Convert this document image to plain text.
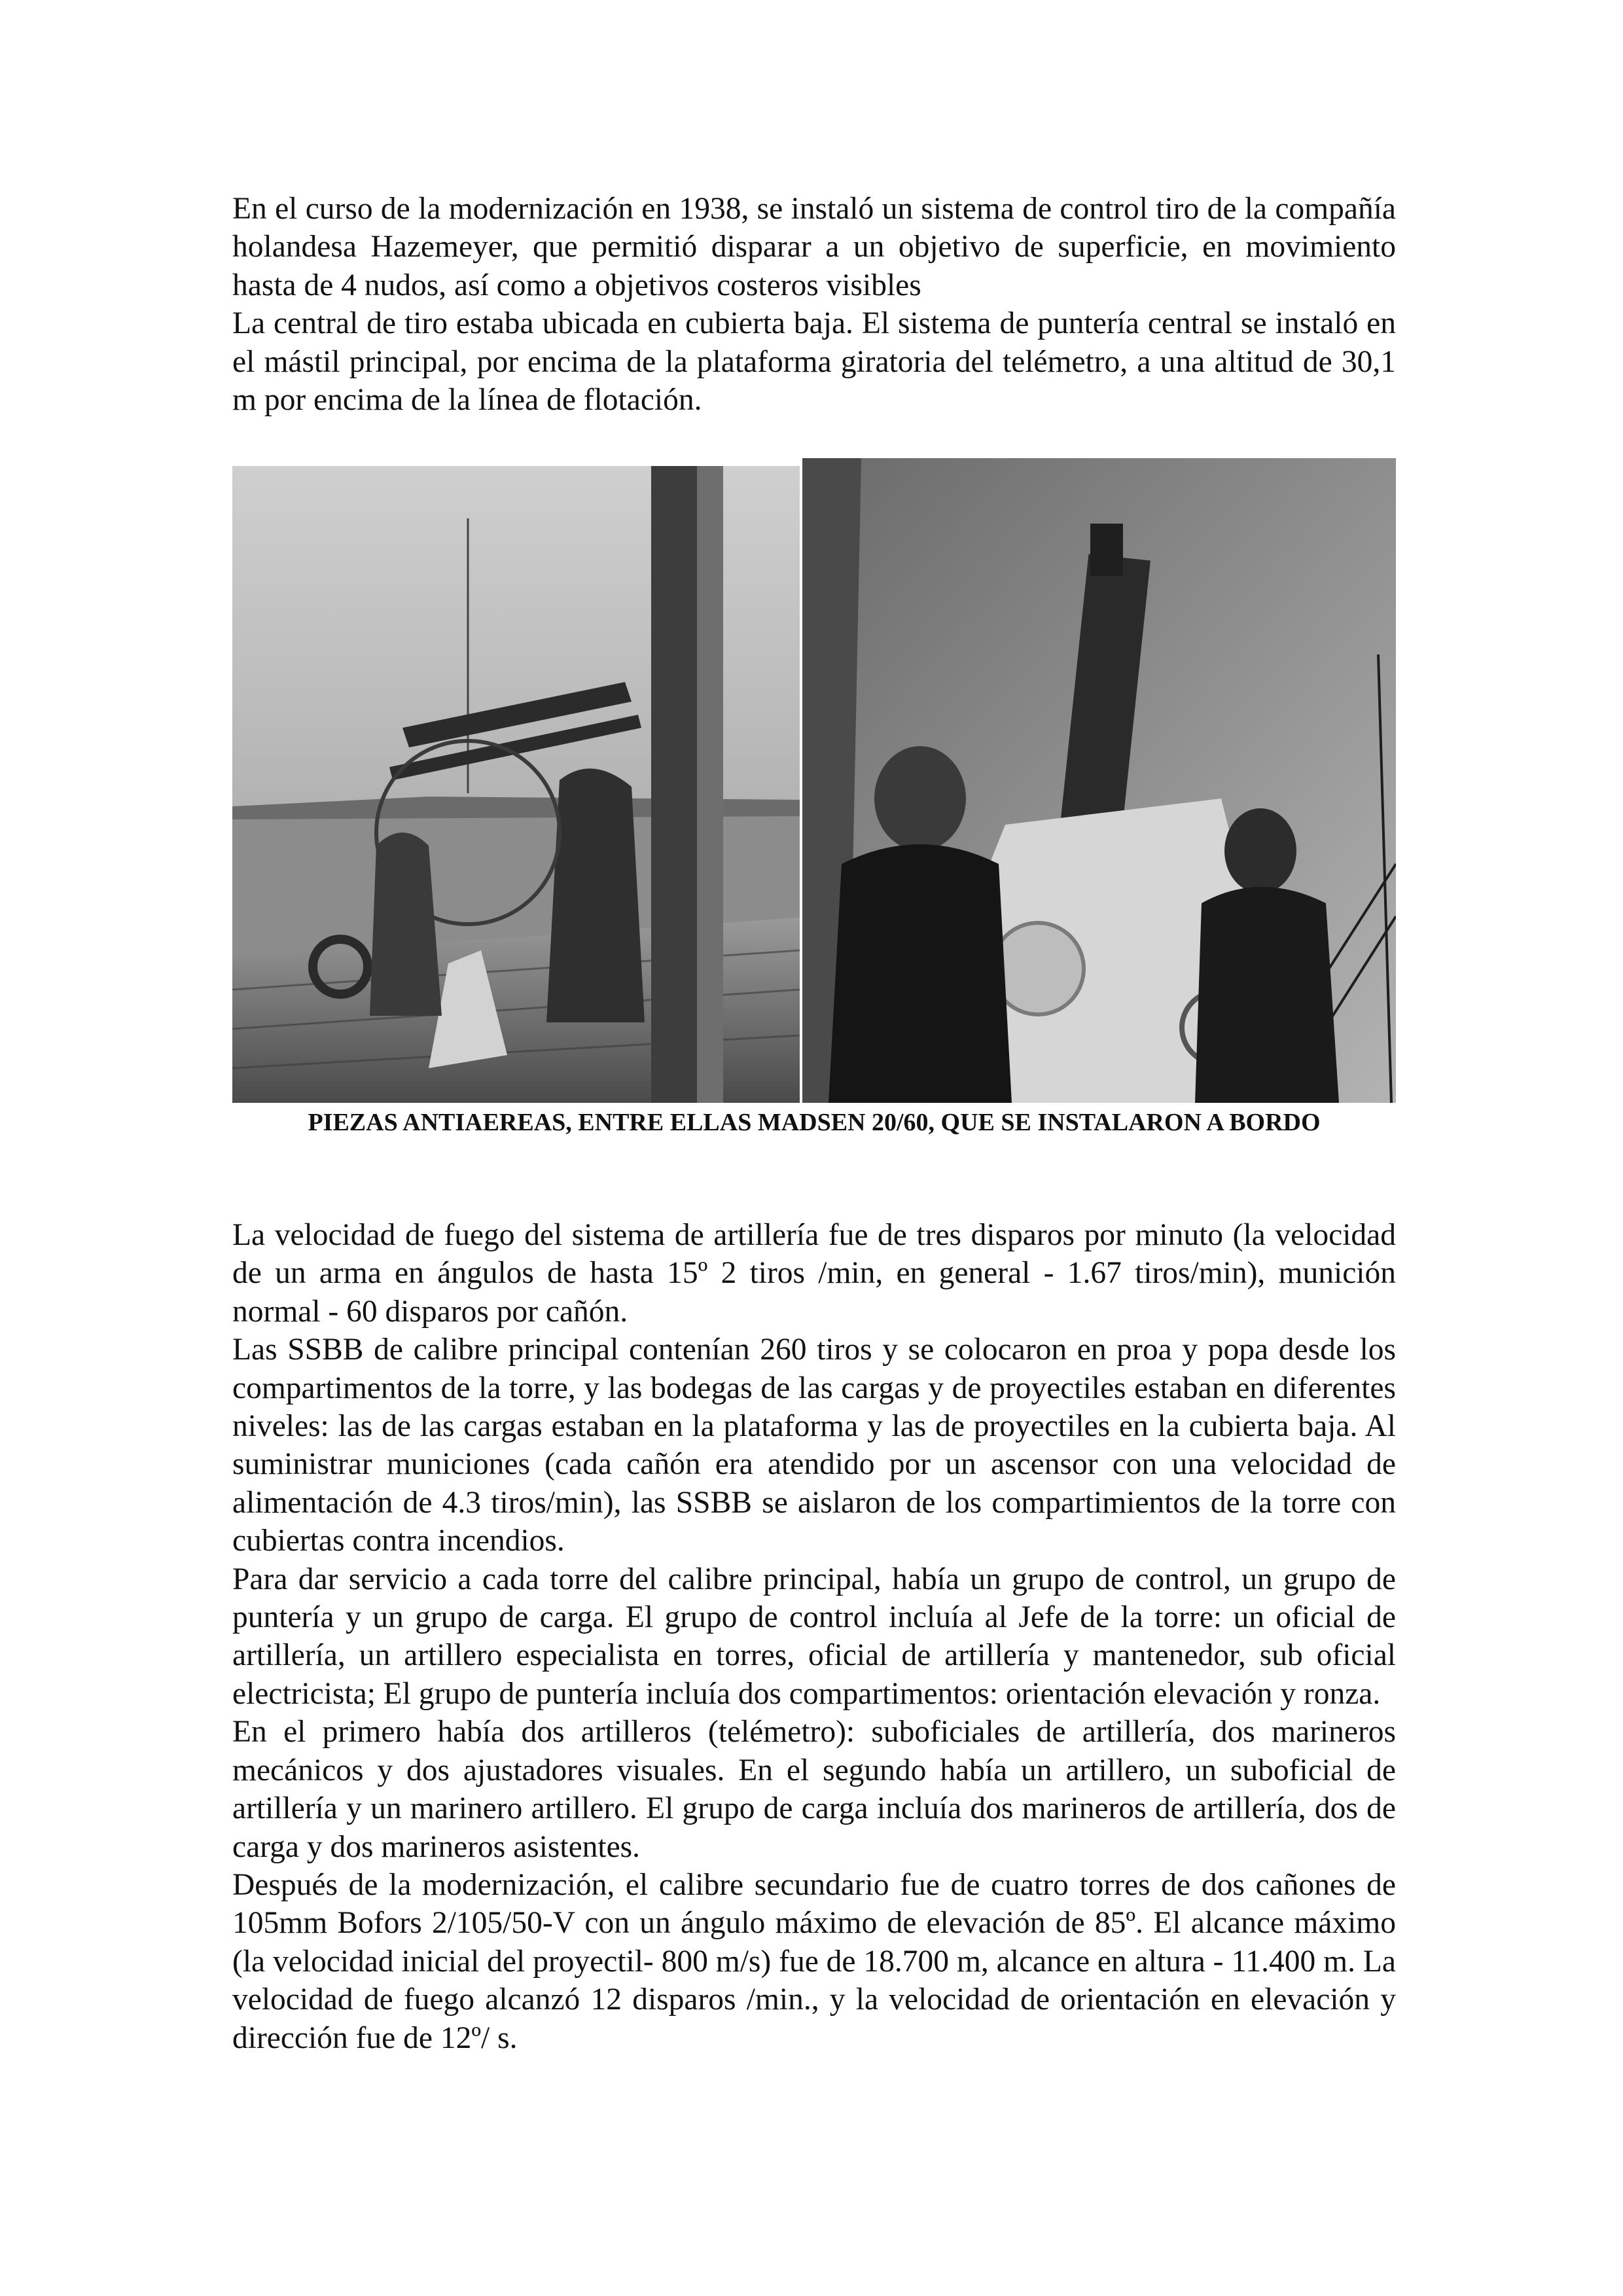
En el curso de la modernización en 1938, se instaló un sistema de control tiro de la compañía holandesa Hazemeyer, que permitió disparar a un objetivo de superficie, en movimiento hasta de 4 nudos, así como a objetivos costeros visibles

La central de tiro estaba ubicada en cubierta baja. El sistema de puntería central se instaló en el mástil principal, por encima de la plataforma giratoria del telémetro, a una altitud de 30,1 m por encima de la línea de flotación.

PIEZAS ANTIAEREAS, ENTRE ELLAS MADSEN 20/60, QUE SE INSTALARON A BORDO

La velocidad de fuego del sistema de artillería fue de tres disparos por minuto (la velocidad de un arma en ángulos de hasta 15º 2 tiros /min, en general - 1.67 tiros/min), munición normal - 60 disparos por cañón.

Las SSBB de calibre principal contenían 260 tiros y se colocaron en proa y popa desde los compartimentos de la torre, y las bodegas de las cargas y de proyectiles estaban en diferentes niveles: las de las cargas estaban en la plataforma y las de proyectiles en la cubierta baja. Al suministrar municiones (cada cañón era atendido por un ascensor con una velocidad de alimentación de 4.3 tiros/min), las SSBB se aislaron de los compartimientos de la torre con cubiertas contra incendios.

Para dar servicio a cada torre del calibre principal, había un grupo de control, un grupo de puntería y un grupo de carga. El grupo de control incluía al Jefe de la torre: un oficial de artillería, un artillero especialista en torres, oficial de artillería y mantenedor, sub oficial electricista; El grupo de puntería incluía dos compartimentos: orientación elevación y ronza.

En el primero había dos artilleros (telémetro): suboficiales de artillería, dos marineros mecánicos y dos ajustadores visuales. En el segundo había un artillero, un suboficial de artillería y un marinero artillero. El grupo de carga incluía dos marineros de artillería, dos de carga y dos marineros asistentes.

Después de la modernización, el calibre secundario fue de cuatro torres de dos cañones de 105mm Bofors 2/105/50-V con un ángulo máximo de elevación de 85º. El alcance máximo (la velocidad inicial del proyectil- 800 m/s) fue de 18.700 m, alcance en altura - 11.400 m. La velocidad de fuego alcanzó 12 disparos /min., y la velocidad de orientación en elevación y dirección fue de 12º/ s.
